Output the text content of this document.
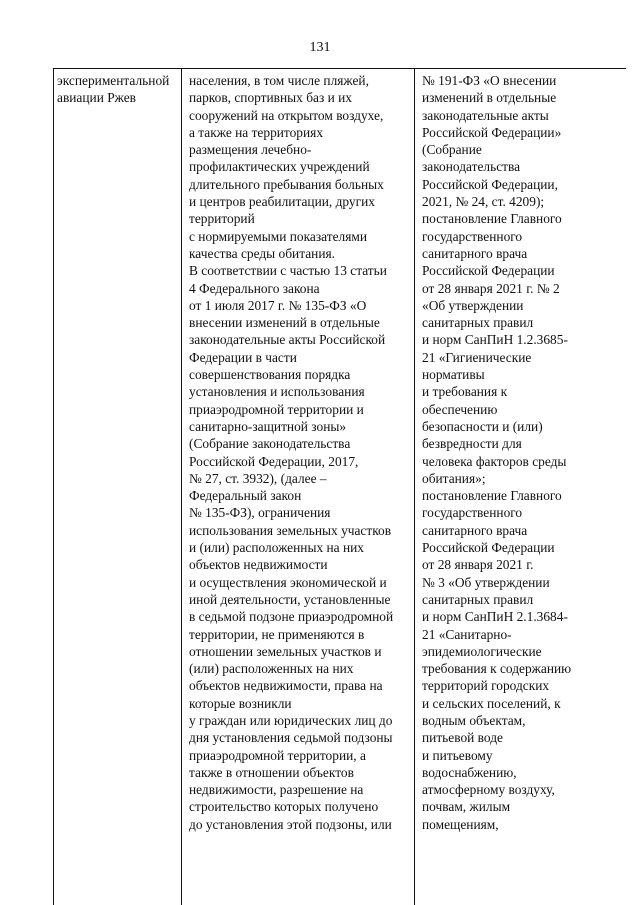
131
экспериментальной
авиации Ржев
населения, в том числе пляжей,
парков, спортивных баз и их
сооружений на открытом воздухе,
а также на территориях
размещения лечебно-
профилактических учреждений
длительного пребывания больных
и центров реабилитации, других
территорий
с нормируемыми показателями
качества среды обитания.
В соответствии с частью 13 статьи
4 Федерального закона
от 1 июля 2017 г. № 135-ФЗ «О
внесении изменений в отдельные
законодательные акты Российской
Федерации в части
совершенствования порядка
установления и использования
приаэродромной территории и
санитарно-защитной зоны»
(Собрание законодательства
Российской Федерации, 2017,
№ 27, ст. 3932), (далее –
Федеральный закон
№ 135-ФЗ), ограничения
использования земельных участков
и (или) расположенных на них
объектов недвижимости
и осуществления экономической и
иной деятельности, установленные
в седьмой подзоне приаэродромной
территории, не применяются в
отношении земельных участков и
(или) расположенных на них
объектов недвижимости, права на
которые возникли
у граждан или юридических лиц до
дня установления седьмой подзоны
приаэродромной территории, а
также в отношении объектов
недвижимости, разрешение на
строительство которых получено
до установления этой подзоны, или
№ 191-ФЗ «О внесении
изменений в отдельные
законодательные акты
Российской Федерации»
(Собрание
законодательства
Российской Федерации,
2021, № 24, ст. 4209);
постановление Главного
государственного
санитарного врача
Российской Федерации
от 28 января 2021 г. № 2
«Об утверждении
санитарных правил
и норм СанПиН 1.2.3685-
21 «Гигиенические
нормативы
и требования к
обеспечению
безопасности и (или)
безвредности для
человека факторов среды
обитания»;
постановление Главного
государственного
санитарного врача
Российской Федерации
от 28 января 2021 г.
№ 3 «Об утверждении
санитарных правил
и норм СанПиН 2.1.3684-
21 «Санитарно-
эпидемиологические
требования к содержанию
территорий городских
и сельских поселений, к
водным объектам,
питьевой воде
и питьевому
водоснабжению,
атмосферному воздуху,
почвам, жилым
помещениям,
